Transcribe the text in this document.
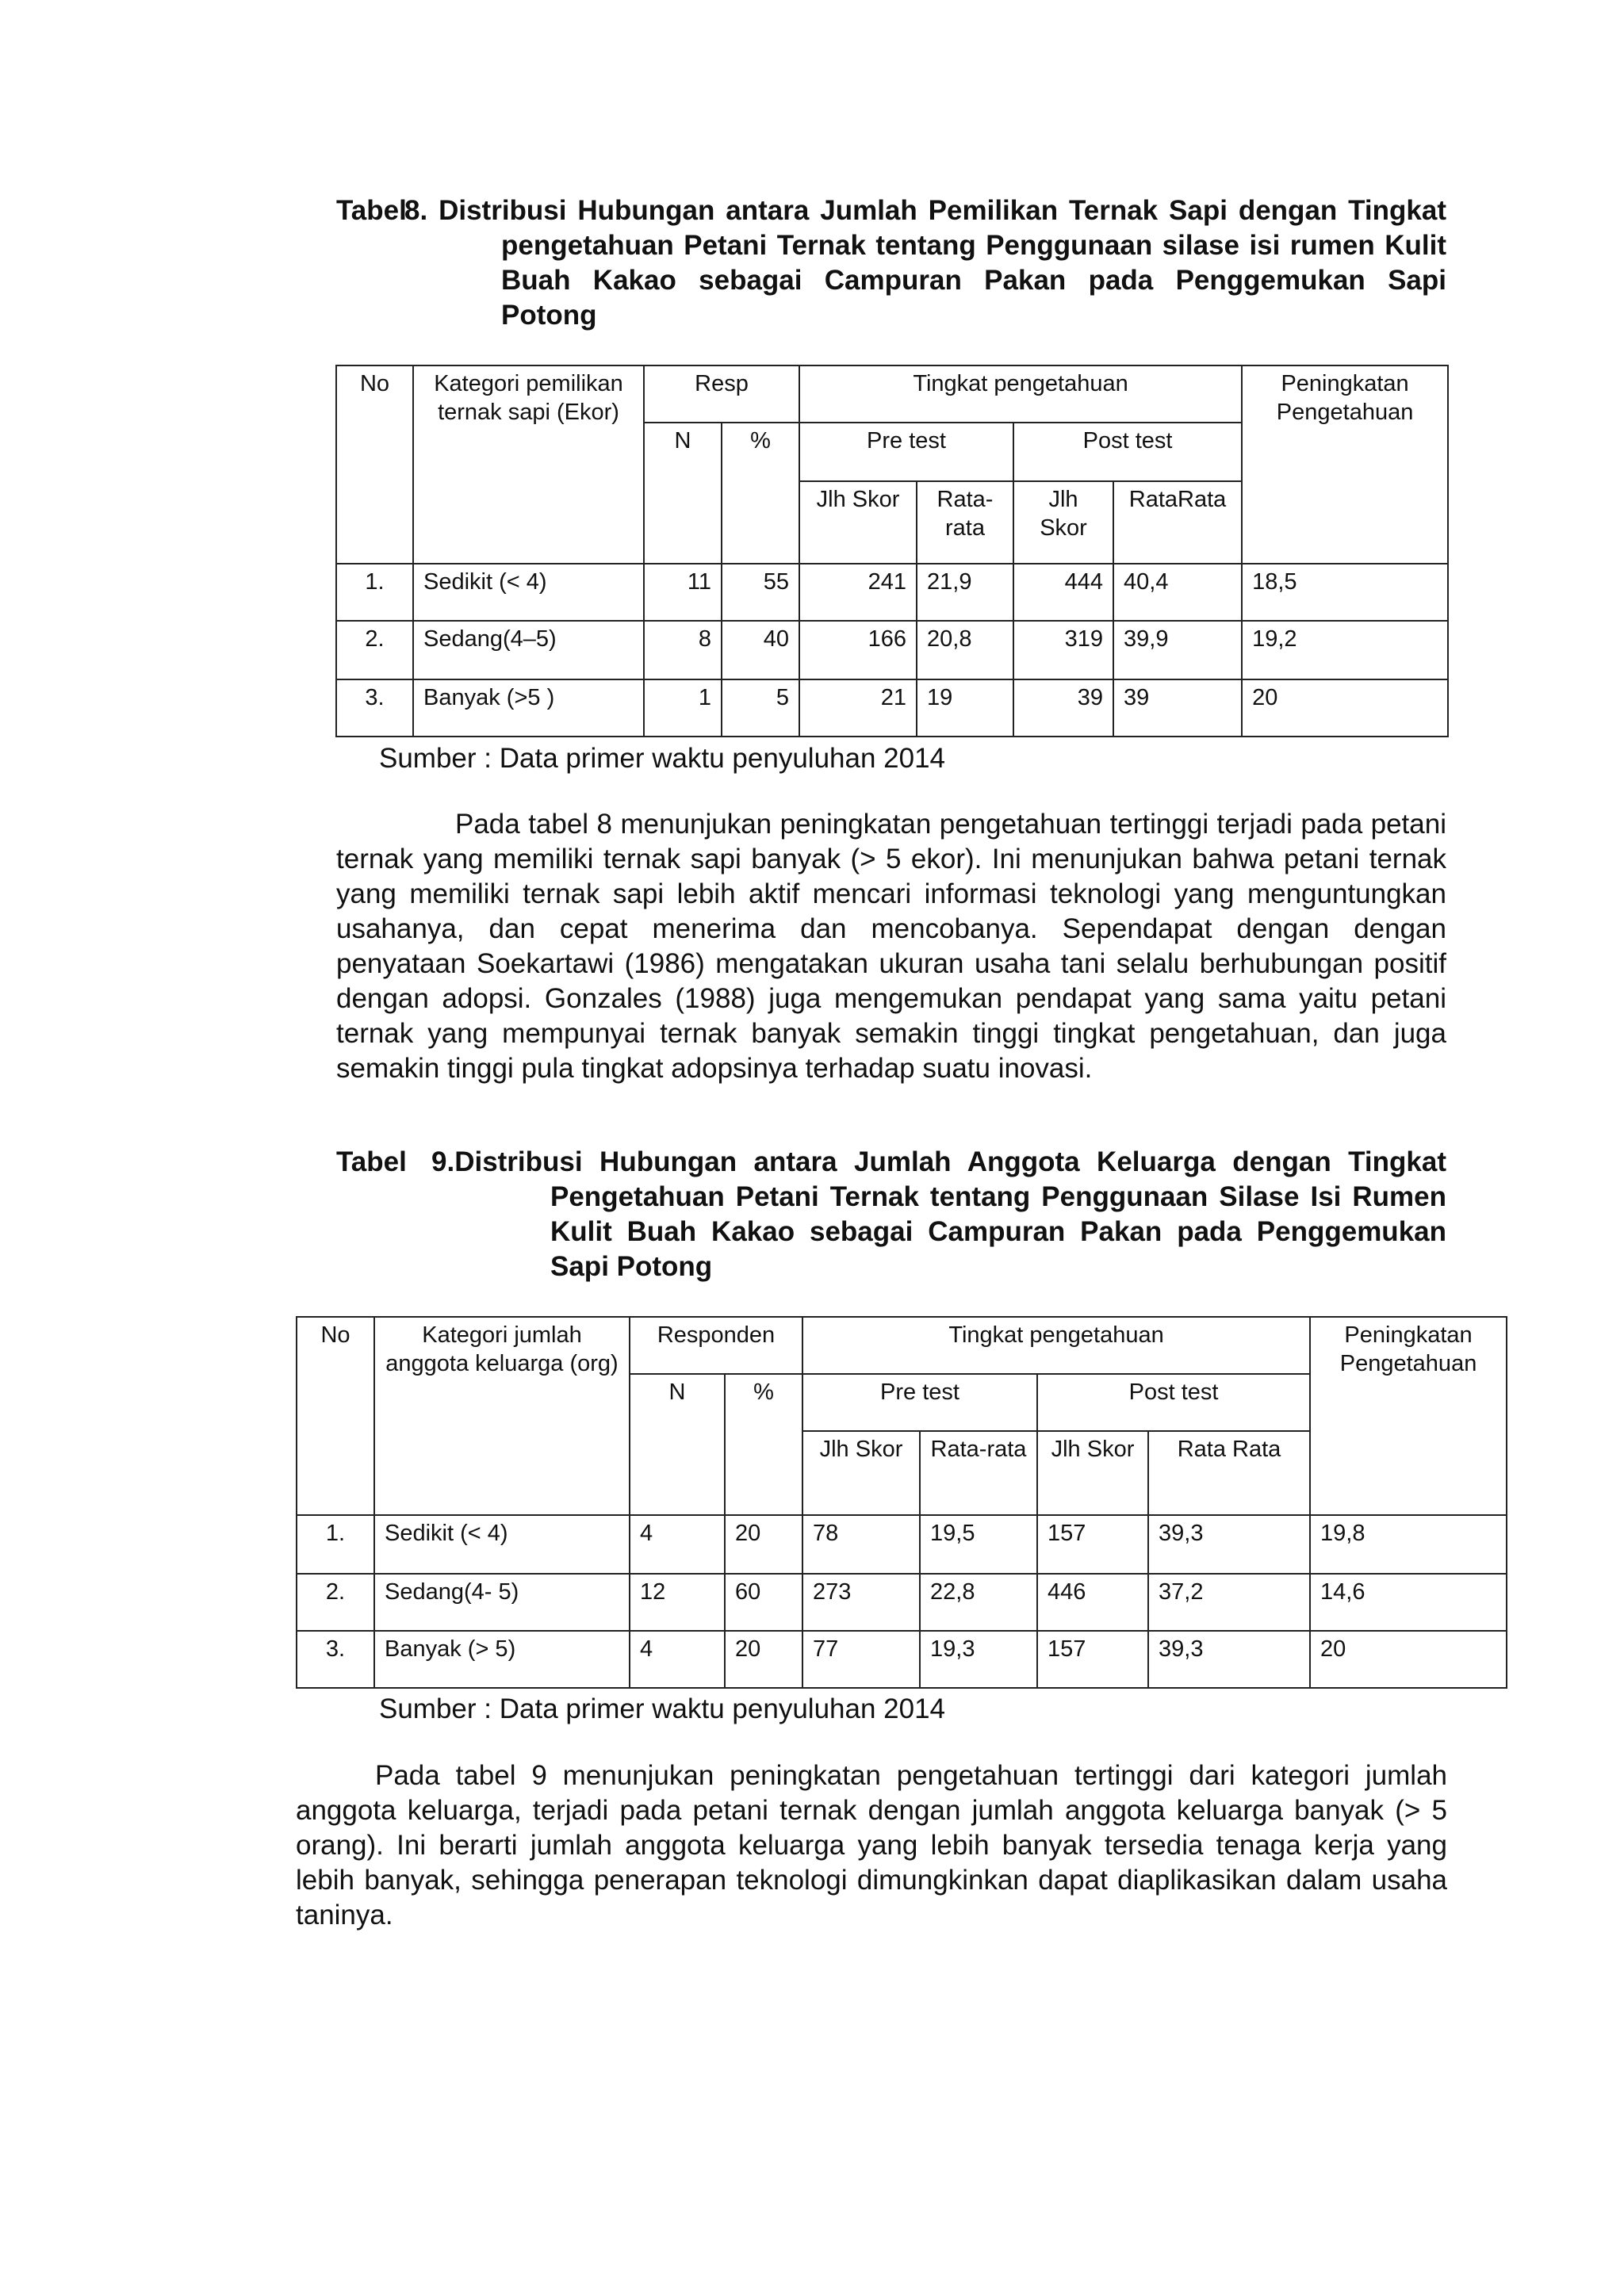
Tabel
8. Distribusi Hubungan antara Jumlah Pemilikan Ternak Sapi dengan Tingkat pengetahuan Petani Ternak tentang Penggunaan silase isi rumen Kulit Buah Kakao sebagai Campuran Pakan pada Penggemukan Sapi Potong
No	Kategori pemilikan ternak sapi (Ekor)	Resp		Tingkat pengetahuan				Peningkatan Pengetahuan
		N	%	Pre test		Post test		
				Jlh Skor	Rata-rata	Jlh Skor	RataRata	
1.	Sedikit (< 4)	11	55	241	21,9	444	40,4	18,5
2.	Sedang(4–5)	8	40	166	20,8	319	39,9	19,2
3.	Banyak (>5 )	1	5	21	19	39	39	20
Sumber : Data primer waktu penyuluhan 2014

Pada tabel 8 menunjukan peningkatan pengetahuan tertinggi terjadi pada petani ternak yang memiliki ternak sapi banyak (> 5 ekor). Ini menunjukan bahwa petani ternak yang memiliki ternak sapi lebih aktif mencari informasi teknologi yang menguntungkan usahanya, dan cepat menerima dan mencobanya. Sependapat dengan dengan penyataan Soekartawi (1986) mengatakan ukuran usaha tani selalu berhubungan positif dengan adopsi. Gonzales (1988) juga mengemukan pendapat yang sama yaitu petani ternak yang mempunyai ternak banyak semakin tinggi tingkat pengetahuan, dan juga semakin tinggi pula tingkat adopsinya terhadap suatu inovasi.

Tabel 9.Distribusi Hubungan antara Jumlah Anggota Keluarga dengan Tingkat Pengetahuan Petani Ternak tentang Penggunaan Silase Isi Rumen Kulit Buah Kakao sebagai Campuran Pakan pada Penggemukan Sapi Potong
No	Kategori jumlah anggota keluarga (org)	Responden		Tingkat pengetahuan				Peningkatan Pengetahuan
		N	%	Pre test		Post test		
				Jlh Skor	Rata-rata	Jlh Skor	Rata Rata	
1.	Sedikit (< 4)	4	20	78	19,5	157	39,3	19,8
2.	Sedang(4- 5)	12	60	273	22,8	446	37,2	14,6
3.	Banyak (> 5)	4	20	77	19,3	157	39,3	20
Sumber : Data primer waktu penyuluhan 2014

Pada tabel 9 menunjukan peningkatan pengetahuan tertinggi dari kategori jumlah anggota keluarga, terjadi pada petani ternak dengan jumlah anggota keluarga banyak (> 5 orang). Ini berarti jumlah anggota keluarga yang lebih banyak tersedia tenaga kerja yang lebih banyak, sehingga penerapan teknologi dimungkinkan dapat diaplikasikan dalam usaha taninya.
